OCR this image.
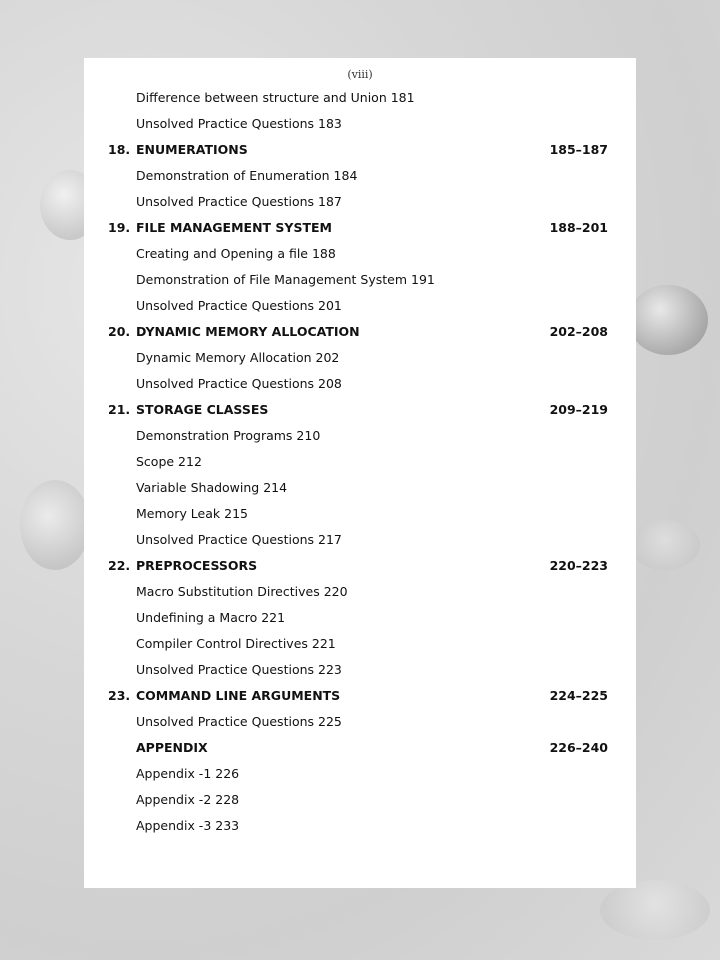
(viii)
Difference between structure and Union 181
Unsolved Practice Questions 183
18. ENUMERATIONS	185–187
Demonstration of Enumeration 184
Unsolved Practice Questions 187
19. FILE MANAGEMENT SYSTEM	188–201
Creating and Opening a file 188
Demonstration of File Management System 191
Unsolved Practice Questions 201
20. DYNAMIC MEMORY ALLOCATION	202–208
Dynamic Memory Allocation 202
Unsolved Practice Questions 208
21. STORAGE CLASSES	209–219
Demonstration Programs 210
Scope 212
Variable Shadowing 214
Memory Leak 215
Unsolved Practice Questions 217
22. PREPROCESSORS	220–223
Macro Substitution Directives 220
Undefining a Macro 221
Compiler Control Directives 221
Unsolved Practice Questions 223
23. COMMAND LINE ARGUMENTS	224–225
Unsolved Practice Questions 225
APPENDIX	226–240
Appendix -1 226
Appendix -2 228
Appendix -3 233
